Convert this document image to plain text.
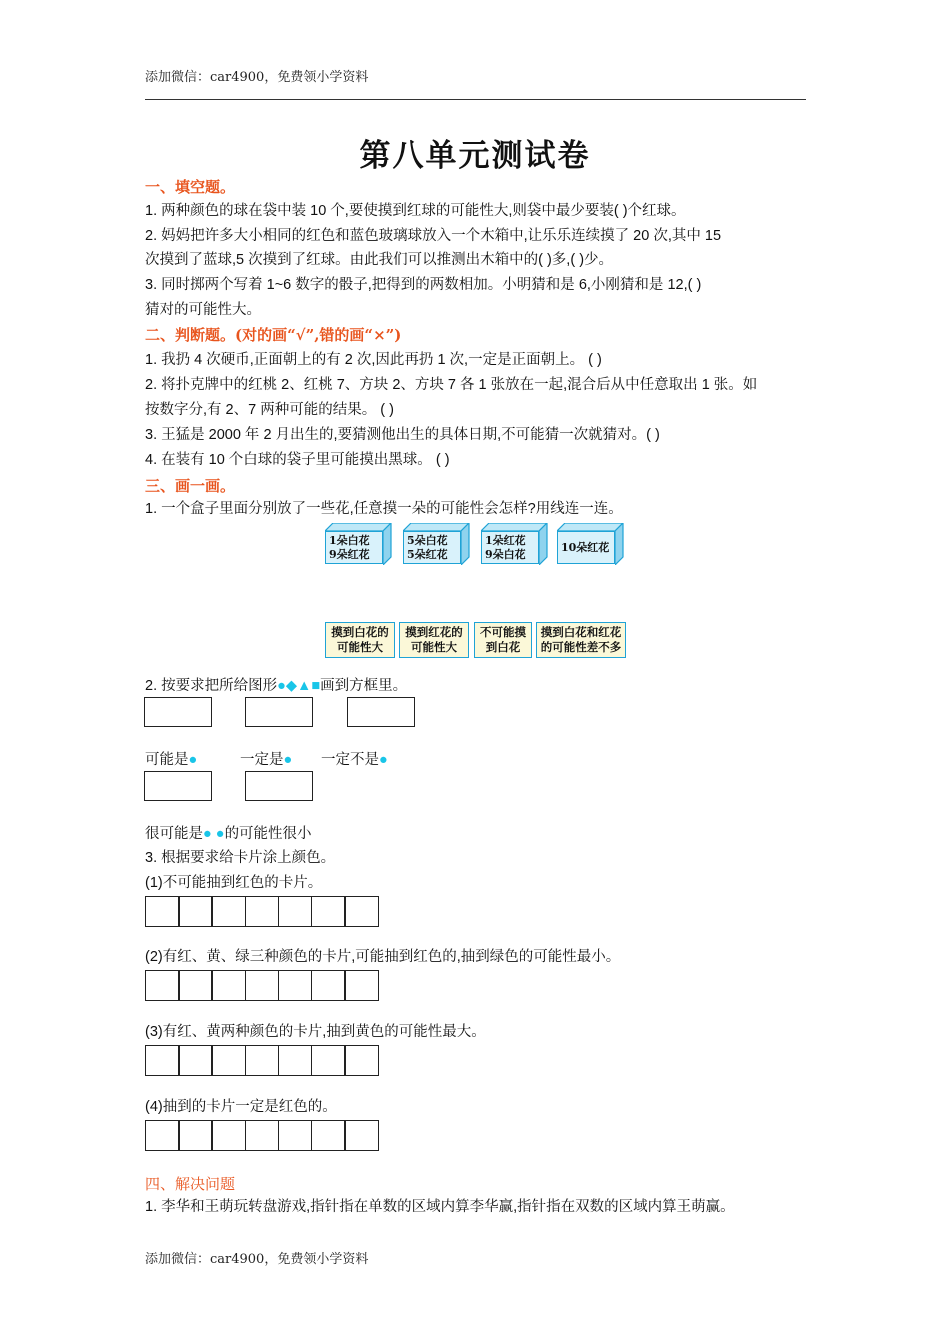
添加微信：car4900，免费领小学资料
第八单元测试卷
一、填空题。
1. 两种颜色的球在袋中装 10 个,要使摸到红球的可能性大,则袋中最少要装( )个红球。
2. 妈妈把许多大小相同的红色和蓝色玻璃球放入一个木箱中,让乐乐连续摸了 20 次,其中 15
次摸到了蓝球,5 次摸到了红球。由此我们可以推测出木箱中的( )多,( )少。
3. 同时掷两个写着 1~6 数字的骰子,把得到的两数相加。小明猜和是 6,小刚猜和是 12,( )
猜对的可能性大。
二、判断题。(对的画“√”,错的画“×”)
1. 我扔 4 次硬币,正面朝上的有 2 次,因此再扔 1 次,一定是正面朝上。 ( )
2. 将扑克牌中的红桃 2、红桃 7、方块 2、方块 7 各 1 张放在一起,混合后从中任意取出 1 张。如
按数字分,有 2、7 两种可能的结果。 ( )
3. 王猛是 2000 年 2 月出生的,要猜测他出生的具体日期,不可能猜一次就猜对。( )
4. 在装有 10 个白球的袋子里可能摸出黑球。 ( )
三、画一画。
1. 一个盒子里面分别放了一些花,任意摸一朵的可能性会怎样?用线连一连。
1朵白花
9朵红花
5朵白花
5朵红花
1朵红花
9朵白花
10朵红花
摸到白花的
可能性大
摸到红花的
可能性大
不可能摸
到白花
摸到白花和红花
的可能性差不多
2. 按要求把所给图形●◆▲■画到方框里。
可能是●	一定是● 一定不是●
很可能是● ●的可能性很小
3. 根据要求给卡片涂上颜色。
(1)不可能抽到红色的卡片。
(2)有红、黄、绿三种颜色的卡片,可能抽到红色的,抽到绿色的可能性最小。
(3)有红、黄两种颜色的卡片,抽到黄色的可能性最大。
(4)抽到的卡片一定是红色的。
四、解决问题
1. 李华和王萌玩转盘游戏,指针指在单数的区域内算李华赢,指针指在双数的区域内算王萌赢。
添加微信：car4900，免费领小学资料
